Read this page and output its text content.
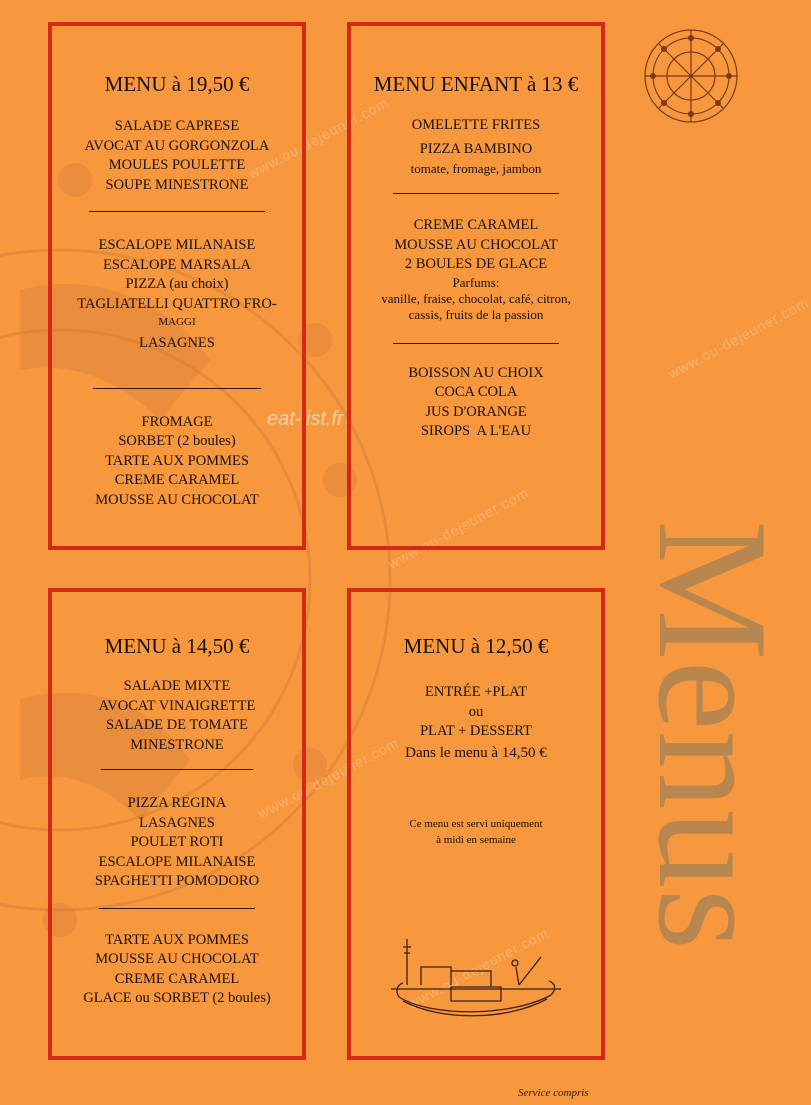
www.ou-dejeuner.com
www.ou-dejeuner.com
www.ou-dejeuner.com
www.ou-dejeuner.com
www.ou-dejeuner.com
eat-list.fr

MENU à 19,50 €

SALADE CAPRESE

AVOCAT AU GORGONZOLA

MOULES POULETTE

SOUPE MINESTRONE

ESCALOPE MILANAISE

ESCALOPE MARSALA

PIZZA (au choix)

TAGLIATELLI QUATTRO FRO-

MAGGI

LASAGNES

FROMAGE

SORBET (2 boules)

TARTE AUX POMMES

CREME CARAMEL

MOUSSE AU CHOCOLAT

MENU ENFANT à 13 €

OMELETTE FRITES

PIZZA BAMBINO

tomate, fromage, jambon

CREME CARAMEL

MOUSSE AU CHOCOLAT

2 BOULES DE GLACE

Parfums:

vanille, fraise, chocolat, café, citron,

cassis, fruits de la passion

BOISSON AU CHOIX

COCA COLA

JUS D'ORANGE

SIROPS  A L'EAU

MENU à 14,50 €

SALADE MIXTE

AVOCAT VINAIGRETTE

SALADE DE TOMATE

MINESTRONE

PIZZA REGINA

LASAGNES

POULET ROTI

ESCALOPE MILANAISE

SPAGHETTI POMODORO

TARTE AUX POMMES

MOUSSE AU CHOCOLAT

CREME CARAMEL

GLACE ou SORBET (2 boules)

MENU à 12,50 €

ENTRÉE +PLAT

ou

PLAT + DESSERT

Dans le menu à 14,50 €

Ce menu est servi uniquement

à midi en semaine Menus
Service compris
